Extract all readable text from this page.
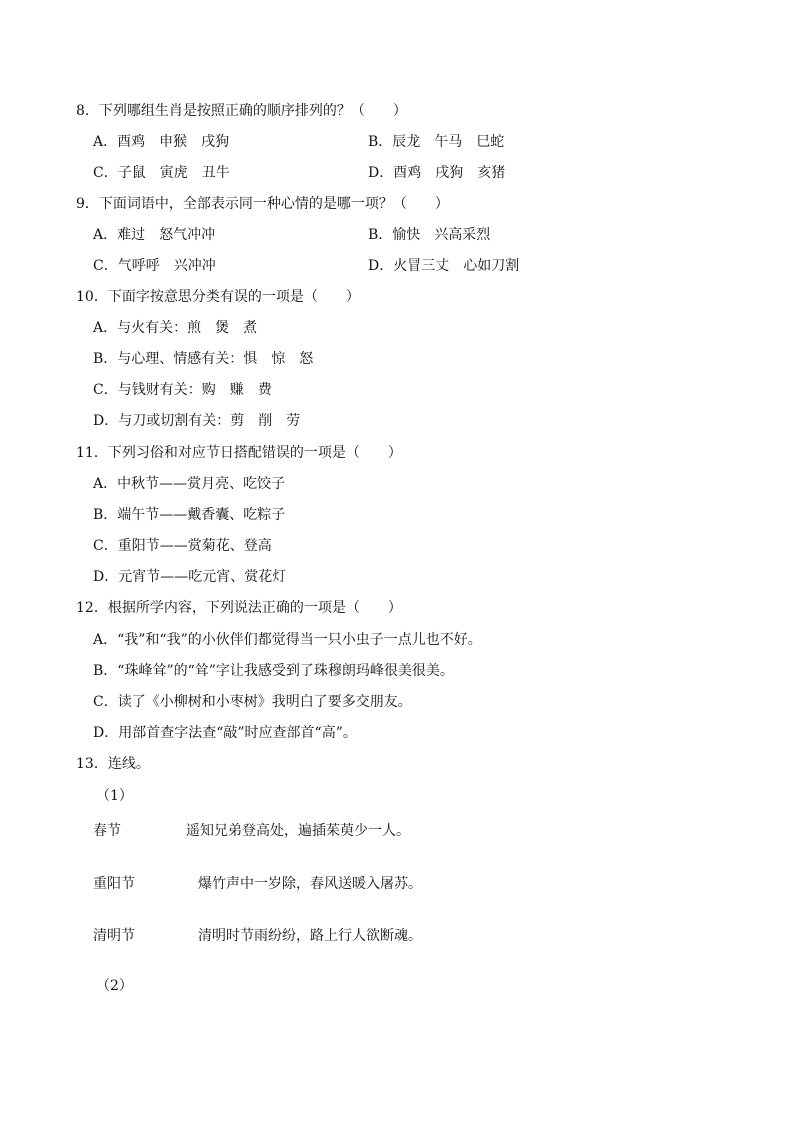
8．下列哪组生肖是按照正确的顺序排列的？（　　）
A．酉鸡　申猴　戌狗	B．辰龙　午马　巳蛇
C．子鼠　寅虎　丑牛	D．酉鸡　戌狗　亥猪
9．下面词语中，全部表示同一种心情的是哪一项？（　　）
A．难过　怒气冲冲	B．愉快　兴高采烈
C．气呼呼　兴冲冲	D．火冒三丈　心如刀割
10．下面字按意思分类有误的一项是（　　）
A．与火有关：煎　煲　煮
B．与心理、情感有关：惧　惊　怒
C．与钱财有关：购　赚　费
D．与刀或切割有关：剪　削　劳
11．下列习俗和对应节日搭配错误的一项是（　　）
A．中秋节——赏月亮、吃饺子
B．端午节——戴香囊、吃粽子
C．重阳节——赏菊花、登高
D．元宵节——吃元宵、赏花灯
12．根据所学内容，下列说法正确的一项是（　　）
A．“我”和“我”的小伙伴们都觉得当一只小虫子一点儿也不好。
B．“珠峰耸”的“耸”字让我感受到了珠穆朗玛峰很美很美。
C．读了《小柳树和小枣树》我明白了要多交朋友。
D．用部首查字法查“敲”时应查部首“高”。
13．连线。
（1）
春节	遥知兄弟登高处，遍插茱萸少一人。
重阳节	爆竹声中一岁除，春风送暖入屠苏。
清明节	清明时节雨纷纷，路上行人欲断魂。
（2）
